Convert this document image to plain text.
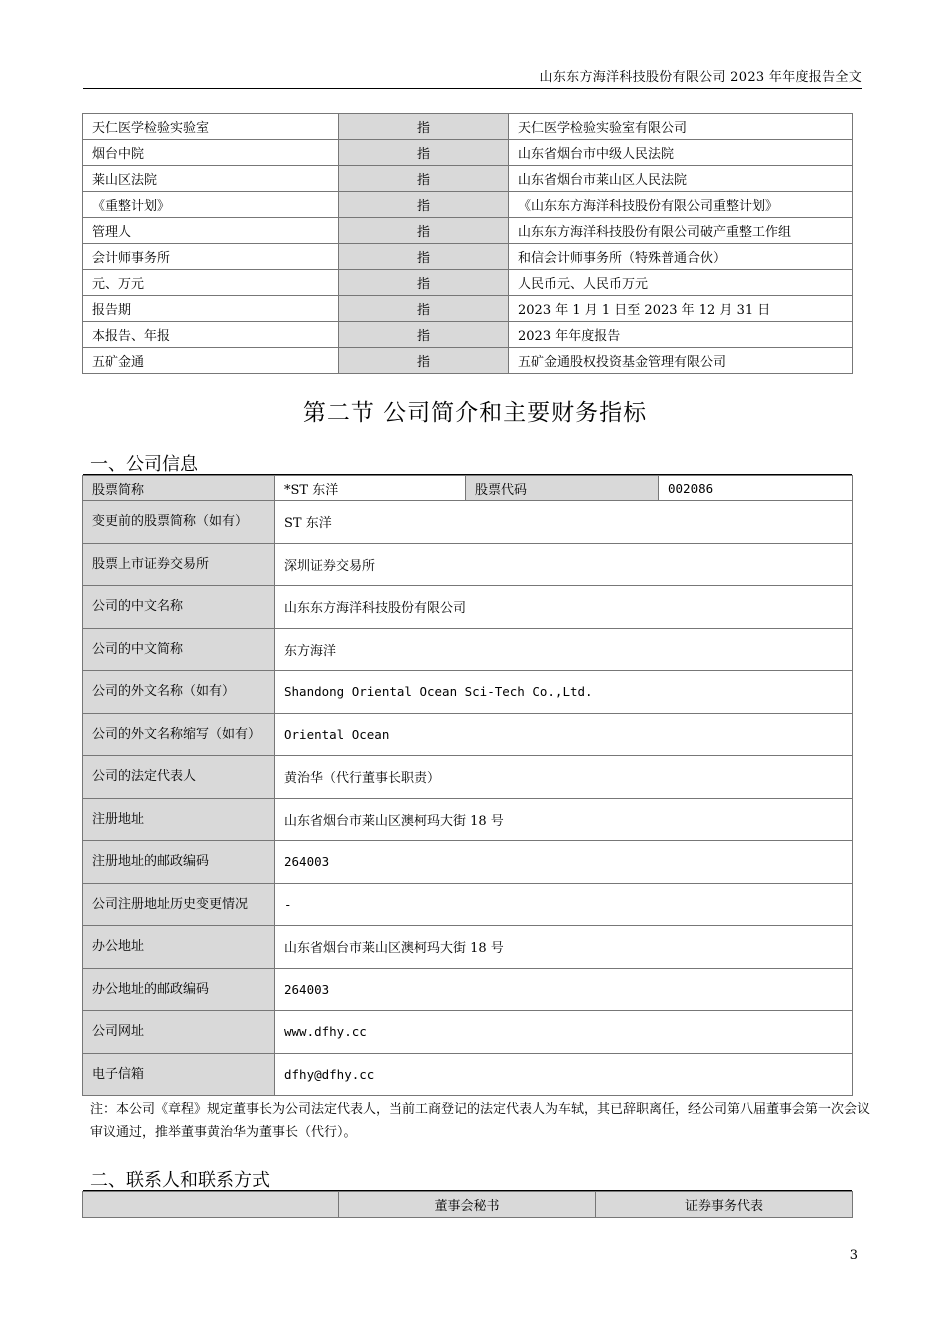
山东东方海洋科技股份有限公司 2023 年年度报告全文
天仁医学检验实验室	指	天仁医学检验实验室有限公司
烟台中院	指	山东省烟台市中级人民法院
莱山区法院	指	山东省烟台市莱山区人民法院
《重整计划》	指	《山东东方海洋科技股份有限公司重整计划》
管理人	指	山东东方海洋科技股份有限公司破产重整工作组
会计师事务所	指	和信会计师事务所（特殊普通合伙）
元、万元	指	人民币元、人民币万元
报告期	指	2023 年 1 月 1 日至 2023 年 12 月 31 日
本报告、年报	指	2023 年年度报告
五矿金通	指	五矿金通股权投资基金管理有限公司
第二节 公司简介和主要财务指标
一、公司信息
股票简称	*ST 东洋	股票代码	002086
变更前的股票简称（如有）	ST 东洋		
股票上市证券交易所	深圳证券交易所		
公司的中文名称	山东东方海洋科技股份有限公司		
公司的中文简称	东方海洋		
公司的外文名称（如有）	Shandong Oriental Ocean Sci-Tech Co.,Ltd.		
公司的外文名称缩写（如有）	Oriental Ocean		
公司的法定代表人	黄治华（代行董事长职责）		
注册地址	山东省烟台市莱山区澳柯玛大街 18 号		
注册地址的邮政编码	264003		
公司注册地址历史变更情况	-		
办公地址	山东省烟台市莱山区澳柯玛大街 18 号		
办公地址的邮政编码	264003		
公司网址	www.dfhy.cc		
电子信箱	dfhy@dfhy.cc		
注：本公司《章程》规定董事长为公司法定代表人，当前工商登记的法定代表人为车轼，其已辞职离任，经公司第八届董事会第一次会议审议通过，推举董事黄治华为董事长（代行）。
二、联系人和联系方式
	董事会秘书	证券事务代表
3
